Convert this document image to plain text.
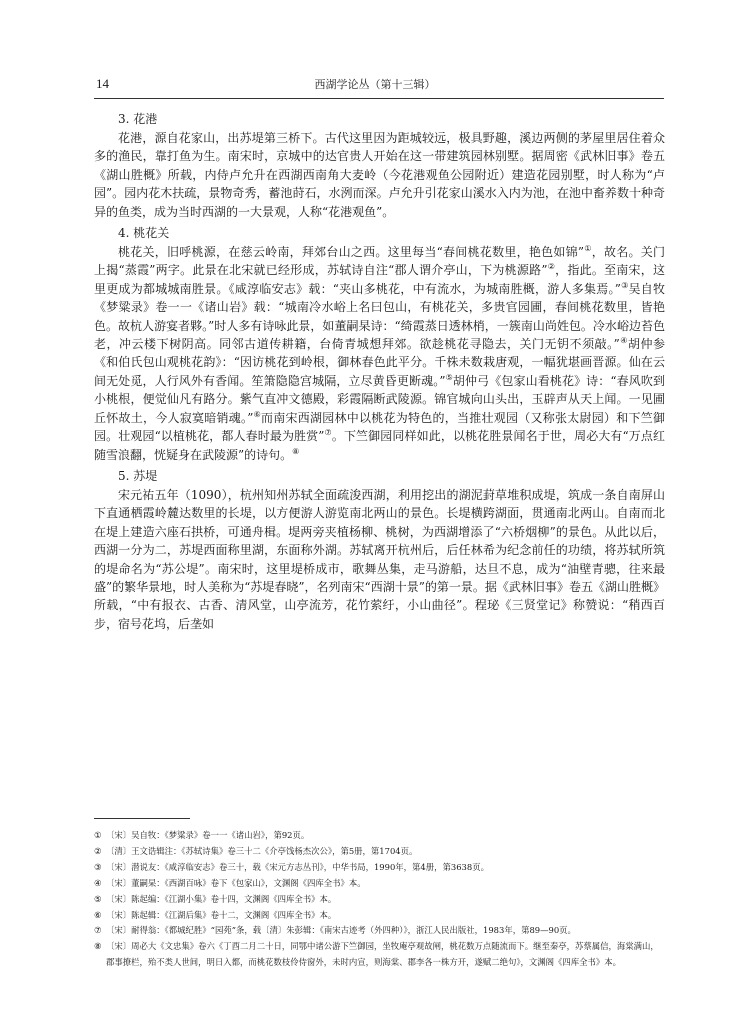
14	西湖学论丛（第十三辑）
3. 花港

花港，源自花家山，出苏堤第三桥下。古代这里因为距城较远，极具野趣，溪边两侧的茅屋里居住着众多的渔民，靠打鱼为生。南宋时，京城中的达官贵人开始在这一带建筑园林别墅。据周密《武林旧事》卷五《湖山胜概》所载，内侍卢允升在西湖西南角大麦岭（今花港观鱼公园附近）建造花园别墅，时人称为“卢园”。园内花木扶疏，景物奇秀，蓄池莳石，水洌而深。卢允升引花家山溪水入内为池，在池中畜养数十种奇异的鱼类，成为当时西湖的一大景观，人称“花港观鱼”。

4. 桃花关

桃花关，旧呼桃源，在慈云岭南，拜郊台山之西。这里每当“春间桃花数里，艳色如锦”①，故名。关门上揭“蒸霞”两字。此景在北宋就已经形成，苏轼诗自注“郡人谓介亭山，下为桃源路”②，指此。至南宋，这里更成为都城城南胜景。《咸淳临安志》载：“夹山多桃花，中有流水，为城南胜概，游人多集焉。”③吴自牧《梦粱录》卷一一《诸山岩》载：“城南冷水峪上名曰包山，有桃花关，多贵官园圃，春间桃花数里，皆艳色。故杭人游宴者夥。”时人多有诗咏此景，如董嗣杲诗：“绮霞蒸日透林梢，一簇南山尚姓包。冷水峪边苔色老，冲云楼下树阴高。同邻古道传耕籍，台倚青城想拜郊。欲趁桃花寻隐去，关门无钥不须敲。”④胡仲参《和伯氏包山观桃花韵》：“因访桃花到岭根，御林春色此平分。千株未数栽唐观，一幅犹堪画晋源。仙在云间无处觅，人行风外有香闻。笙箫隐隐宫城隔，立尽黄昏更断魂。”⑤胡仲弓《包家山看桃花》诗：“春风吹到小桃根，便觉仙凡有路分。紫气直冲文德殿，彩霞隔断武陵源。锦官城向山头出，玉辟声从天上闻。一见圃丘怀故土，今人寂寞暗销魂。”⑥而南宋西湖园林中以桃花为特色的，当推壮观园（又称张太尉园）和下竺御园。壮观园“以植桃花，都人春时最为胜赏”⑦。下竺御园同样如此，以桃花胜景闻名于世，周必大有“万点红随雪浪翻，恍疑身在武陵源”的诗句。⑧

5. 苏堤

宋元祐五年（1090），杭州知州苏轼全面疏浚西湖，利用挖出的湖泥葑草堆积成堤，筑成一条自南屏山下直通栖霞岭麓达数里的长堤，以方便游人游览南北两山的景色。长堤横跨湖面，贯通南北两山。自南而北在堤上建造六座石拱桥，可通舟楫。堤两旁夹植杨柳、桃树，为西湖增添了“六桥烟柳”的景色。从此以后，西湖一分为二，苏堤西面称里湖，东面称外湖。苏轼离开杭州后，后任林希为纪念前任的功绩，将苏轼所筑的堤命名为“苏公堤”。南宋时，这里堤桥成市，歌舞丛集，走马游船，达旦不息，成为“油壁青骢，往来最盛”的繁华景地，时人美称为“苏堤春晓”，名列南宋“西湖十景”的第一景。据《武林旧事》卷五《湖山胜概》所载，“中有报衣、古香、清风堂，山亭流芳，花竹萦纡，小山曲径”。程珌《三贤堂记》称赞说：“稍西百步，宿号花坞，后垄如

① 〔宋〕吴自牧：《梦粱录》卷一一《诸山岩》，第92页。
② 〔清〕王文诰辑注：《苏轼诗集》卷三十二《介亭饯杨杰次公》，第5册，第1704页。
③ 〔宋〕潜说友：《咸淳临安志》卷三十，载《宋元方志丛刊》，中华书局，1990年，第4册，第3638页。
④ 〔宋〕董嗣杲：《西湖百咏》卷下《包家山》，文渊阁《四库全书》本。
⑤ 〔宋〕陈起编：《江湖小集》卷十四，文渊阁《四库全书》本。
⑥ 〔宋〕陈起辑：《江湖后集》卷十二，文渊阁《四库全书》本。
⑦ 〔宋〕耐得翁：《都城纪胜》“园苑”条，载〔清〕朱彭辑：《南宋古迹考（外四种）》，浙江人民出版社，1983年，第89—90页。
⑧ 〔宋〕周必大《文忠集》卷六《丁酉二月二十日，同鄂中诸公游下竺御园，坐牧庵亭观故闸，桃花数万点随流而下。继至秦亭，苏蔡属信，海棠满山，郡事撩栏，殆不类人世间，明日入都，而桃花数枝伶侍窗外，未时内宣，则海棠、郡李各一株方开，遂赋二绝句》，文渊阁《四库全书》本。
